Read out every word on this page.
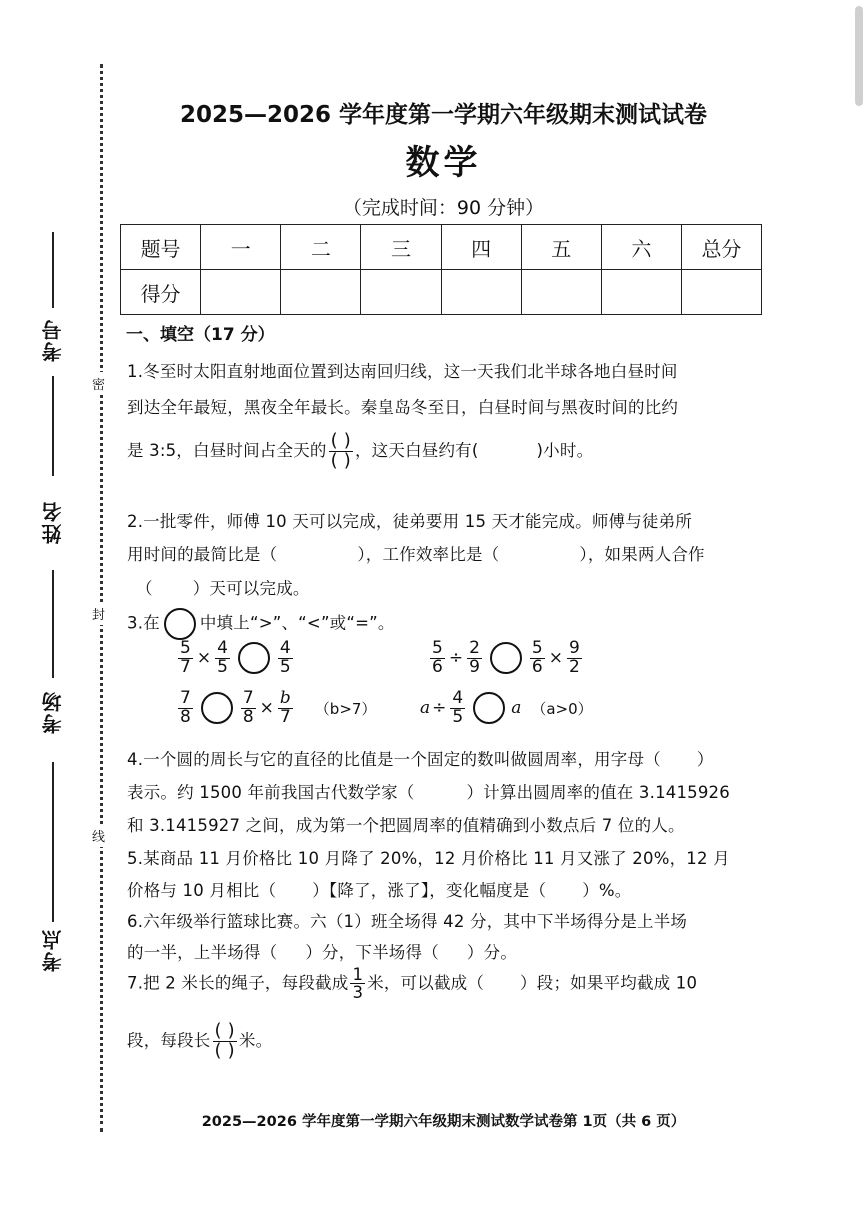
考号
姓名
考场
考点
密
封
线
2025—2026 学年度第一学期六年级期末测试试卷
数学
（完成时间：90 分钟）
题号	一	二	三	四	五	六	总分
得分							
一、填空（17 分）
1.冬至时太阳直射地面位置到达南回归线，这一天我们北半球各地白昼时间
到达全年最短，黑夜全年最长。秦皇岛冬至日，白昼时间与黑夜时间的比约
是 3:5，白昼时间占全天的 $\frac{( )}{( )}$ ，这天白昼约有(	)小时。
2.一批零件，师傅 10 天可以完成，徒弟要用 15 天才能完成。师傅与徒弟所
用时间的最简比是（	），工作效率比是（	），如果两人合作
（ ）天可以完成。
3.在 中填上“>”、“<”或“=”。
$\frac{5}{7} \times \frac{4}{5}$	$\frac{4}{5}$	$\frac{5}{6} \div \frac{2}{9}$	$\frac{5}{6} \times \frac{9}{2}$
$\frac{7}{8}$	$\frac{7}{8} \times \frac{b}{7} (b>7)$	$a \div \frac{4}{5}$	a （a>0）
4.一个圆的周长与它的直径的比值是一个固定的数叫做圆周率，用字母（ ）
表示。约 1500 年前我国古代数学家（	）计算出圆周率的值在 3.1415926
和 3.1415927 之间，成为第一个把圆周率的值精确到小数点后 7 位的人。
5.某商品 11 月价格比 10 月降了 20%，12 月价格比 11 月又涨了 20%，12 月
价格与 10 月相比（ ）【降了，涨了】，变化幅度是（ ）%。
6.六年级举行篮球比赛。六（1）班全场得 42 分，其中下半场得分是上半场
的一半，上半场得（ ）分，下半场得（ ）分。
7.把 2 米长的绳子，每段截成 $\frac{1}{3}$ 米，可以截成（ ）段；如果平均截成 10
段，每段长 $\frac{( )}{( )}$ 米。
2025—2026 学年度第一学期六年级期末测试数学试卷第 1页（共 6 页）
